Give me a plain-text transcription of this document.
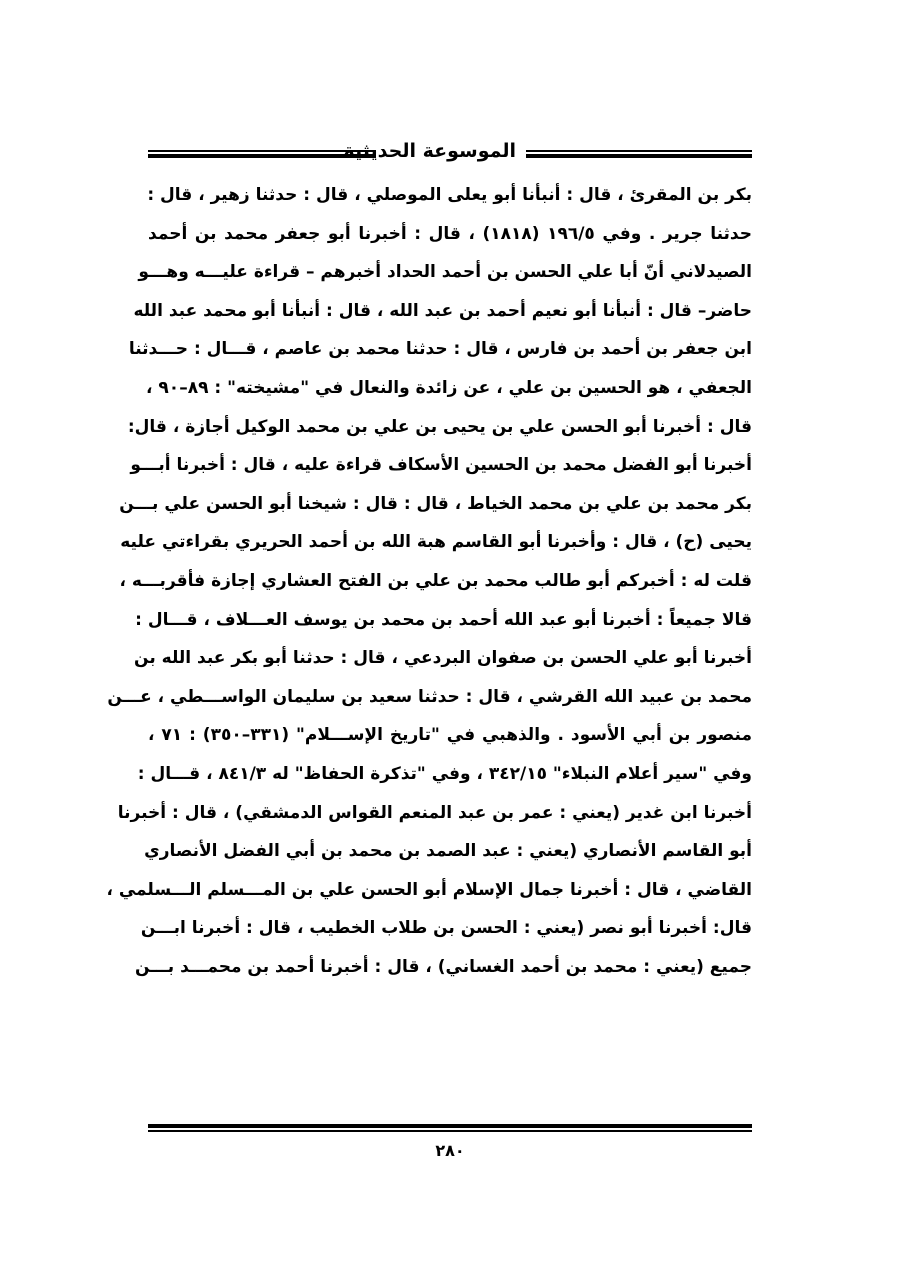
الموسوعة الحديثية
بكر بن المقرئ ، قال : أنبأنا أبو يعلى الموصلي ، قال : حدثنا زهير ، قال :
حدثنا جرير . وفي ١٩٦/٥ (١٨١٨) ، قال : أخبرنا أبو جعفر محمد بن أحمد
الصيدلاني أنّ أبا علي الحسن بن أحمد الحداد أخبرهم – قراءة عليـــه وهـــو
حاضر– قال : أنبأنا أبو نعيم أحمد بن عبد الله ، قال : أنبأنا أبو محمد عبد الله
ابن جعفر بن أحمد بن فارس ، قال : حدثنا محمد بن عاصم ، قـــال : حـــدثنا
الجعفي ، هو الحسين بن علي ، عن زائدة والنعال في "مشيخته" : ٨٩–٩٠ ،
قال : أخبرنا أبو الحسن علي بن يحيى بن علي بن محمد الوكيل أجازة ، قال:
أخبرنا أبو الفضل محمد بن الحسين الأسكاف قراءة عليه ، قال : أخبرنا أبـــو
بكر محمد بن علي بن محمد الخياط ، قال : قال : شيخنا أبو الحسن علي بـــن
يحيى (ح) ، قال : وأخبرنا أبو القاسم هبة الله بن أحمد الحريري بقراءتي عليه
قلت له : أخبركم أبو طالب محمد بن علي بن الفتح العشاري إجازة فأقربـــه ،
قالا جميعاً : أخبرنا أبو عبد الله أحمد بن محمد بن يوسف العـــلاف ، قـــال :
أخبرنا أبو علي الحسن بن صفوان البردعي ، قال : حدثنا أبو بكر عبد الله بن
محمد بن عبيد الله القرشي ، قال : حدثنا سعيد بن سليمان الواســـطي ، عـــن
منصور بن أبي الأسود . والذهبي في "تاريخ الإســـلام" (٣٣١–٣٥٠) : ٧١ ،
وفي "سير أعلام النبلاء" ٣٤٢/١٥ ، وفي "تذكرة الحفاظ" له ٨٤١/٣ ، قـــال :
أخبرنا ابن غدير (يعني : عمر بن عبد المنعم القواس الدمشقي) ، قال : أخبرنا
أبو القاسم الأنصاري (يعني : عبد الصمد بن محمد بن أبي الفضل الأنصاري
القاضي ، قال : أخبرنا جمال الإسلام أبو الحسن علي بن المـــسلم الـــسلمي ،
قال: أخبرنا أبو نصر (يعني : الحسن بن طلاب الخطيب ، قال : أخبرنا ابـــن
جميع (يعني : محمد بن أحمد الغساني) ، قال : أخبرنا أحمد بن محمـــد بـــن
٢٨٠
